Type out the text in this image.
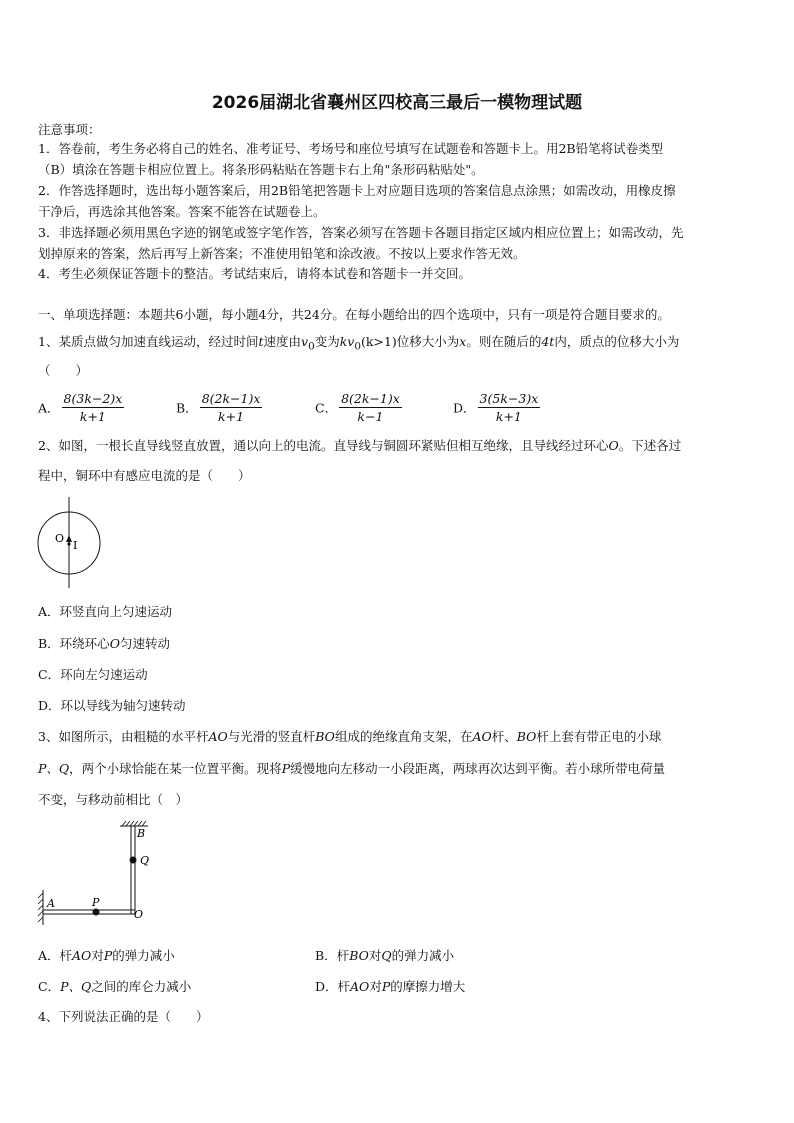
2026届湖北省襄州区四校高三最后一模物理试题
注意事项：
1．答卷前，考生务必将自己的姓名、准考证号、考场号和座位号填写在试题卷和答题卡上。用2B铅笔将试卷类型
（B）填涂在答题卡相应位置上。将条形码粘贴在答题卡右上角"条形码粘贴处"。
2．作答选择题时，选出每小题答案后，用2B铅笔把答题卡上对应题目选项的答案信息点涂黑；如需改动，用橡皮擦
干净后，再选涂其他答案。答案不能答在试题卷上。
3．非选择题必须用黑色字迹的钢笔或签字笔作答，答案必须写在答题卡各题目指定区域内相应位置上；如需改动，先
划掉原来的答案，然后再写上新答案；不准使用铅笔和涂改液。不按以上要求作答无效。
4．考生必须保证答题卡的整洁。考试结束后，请将本试卷和答题卡一并交回。
一、单项选择题：本题共6小题，每小题4分，共24分。在每小题给出的四个选项中，只有一项是符合题目要求的。
1、某质点做匀加速直线运动，经过时间t速度由$v_0$变为$kv_0(k>1)$位移大小为x。则在随后的4t内，质点的位移大小为
（　　）
A． $\frac{8(3k-2)x}{k+1}$	B． $\frac{8(2k-1)x}{k+1}$	C． $\frac{8(2k-1)x}{k-1}$	D． $\frac{3(5k-3)x}{k+1}$
2、如图，一根长直导线竖直放置，通以向上的电流。直导线与铜圆环紧贴但相互绝缘，且导线经过环心O。下述各过
程中，铜环中有感应电流的是（　　）
O
I
A．环竖直向上匀速运动
B．环绕环心O匀速转动
C．环向左匀速运动
D．环以导线为轴匀速转动
3、如图所示，由粗糙的水平杆AO与光滑的竖直杆BO组成的绝缘直角支架，在AO杆、BO杆上套有带正电的小球
P、Q，两个小球恰能在某一位置平衡。现将P缓慢地向左移动一小段距离，两球再次达到平衡。若小球所带电荷量
不变，与移动前相比（　）
B
Q
P
A
O
A．杆AO对P的弹力减小	B．杆BO对Q的弹力减小
C．P、Q之间的库仑力减小	D．杆AO对P的摩擦力增大
4、下列说法正确的是（　　）
